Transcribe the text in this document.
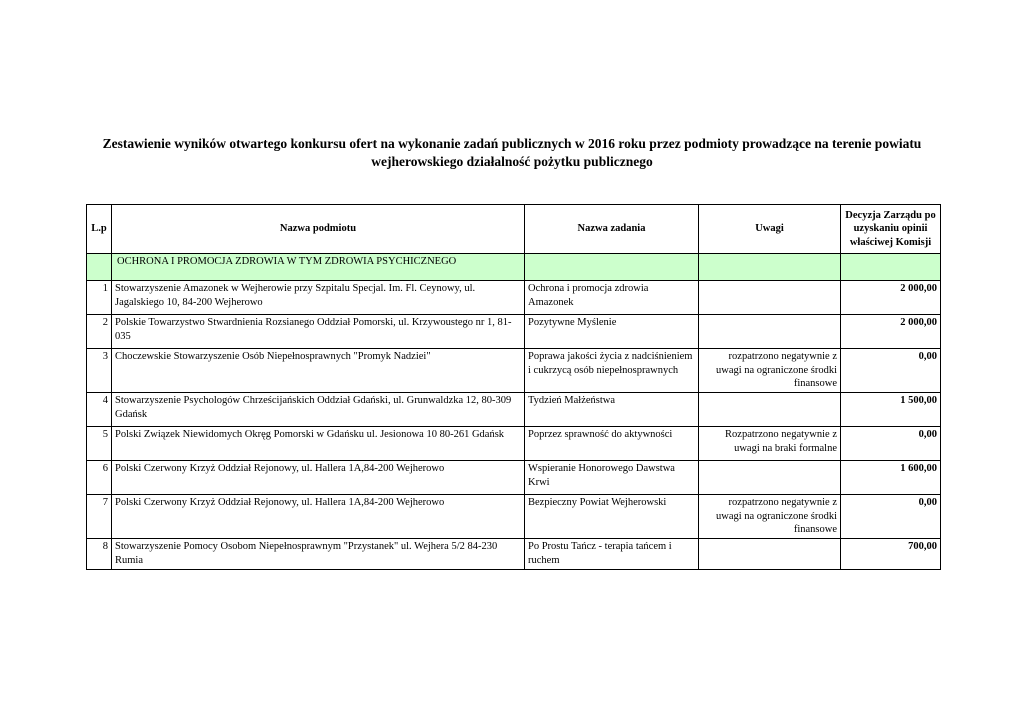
Zestawienie wyników otwartego konkursu ofert na wykonanie zadań publicznych w 2016 roku przez podmioty prowadzące na terenie powiatu wejherowskiego działalność pożytku publicznego
L.p	Nazwa podmiotu	Nazwa zadania	Uwagi	Decyzja Zarządu po uzyskaniu opinii właściwej Komisji
	OCHRONA I PROMOCJA ZDROWIA W TYM ZDROWIA PSYCHICZNEGO			
1	Stowarzyszenie Amazonek w Wejherowie przy Szpitalu Specjal. Im. Fl. Ceynowy, ul. Jagalskiego 10, 84-200 Wejherowo	Ochrona i promocja zdrowia Amazonek		2 000,00
2	Polskie Towarzystwo Stwardnienia Rozsianego Oddział Pomorski, ul. Krzywoustego nr 1, 81-035	Pozytywne Myślenie		2 000,00
3	Choczewskie Stowarzyszenie Osób Niepełnosprawnych "Promyk Nadziei"	Poprawa jakości życia z nadciśnieniem i cukrzycą osób niepełnosprawnych	rozpatrzono negatywnie z uwagi na ograniczone środki finansowe	0,00
4	Stowarzyszenie Psychologów Chrześcijańskich Oddział Gdański, ul. Grunwaldzka 12, 80-309 Gdańsk	Tydzień Małżeństwa		1 500,00
5	Polski Związek Niewidomych Okręg Pomorski w Gdańsku ul. Jesionowa 10 80-261 Gdańsk	Poprzez sprawność do aktywności	Rozpatrzono negatywnie z uwagi na braki formalne	0,00
6	Polski Czerwony Krzyż Oddział Rejonowy, ul. Hallera 1A,84-200 Wejherowo	Wspieranie Honorowego Dawstwa Krwi		1 600,00
7	Polski Czerwony Krzyż Oddział Rejonowy, ul. Hallera 1A,84-200 Wejherowo	Bezpieczny Powiat Wejherowski	rozpatrzono negatywnie z uwagi na ograniczone środki finansowe	0,00
8	Stowarzyszenie Pomocy Osobom Niepełnosprawnym "Przystanek" ul. Wejhera 5/2 84-230 Rumia	Po Prostu Tańcz - terapia tańcem i ruchem		700,00
